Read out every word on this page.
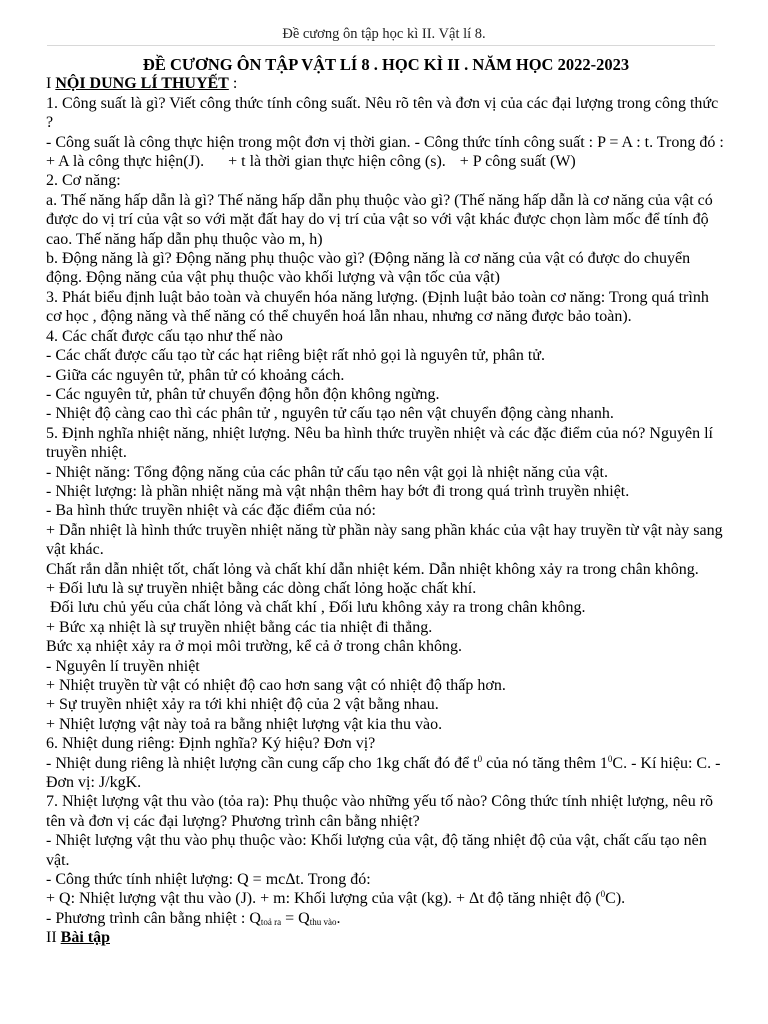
Đề cương ôn tập học kì II. Vật lí 8.

ĐỀ CƯƠNG ÔN TẬP VẬT LÍ 8 . HỌC KÌ II . NĂM HỌC 2022-2023

I NỘI DUNG LÍ THUYẾT :

1. Công suất là gì? Viết công thức tính công suất. Nêu rõ tên và đơn vị của các đại lượng trong công thức ?

- Công suất là công thực hiện trong một đơn vị thời gian. - Công thức tính công suất : P = A : t. Trong đó :

+ A là công thực hiện(J). + t là thời gian thực hiện công (s). + P công suất (W)

2. Cơ năng:

a. Thế năng hấp dẫn là gì? Thế năng hấp dẫn phụ thuộc vào gì? (Thế năng hấp dẫn là cơ năng của vật có được do vị trí của vật so với mặt đất hay do vị trí của vật so với vật khác được chọn làm mốc để tính độ cao. Thế năng hấp dẫn phụ thuộc vào m, h)

b. Động năng là gì? Động năng phụ thuộc vào gì? (Động năng là cơ năng của vật có được do chuyển động. Động năng của vật phụ thuộc vào khối lượng và vận tốc của vật)

3. Phát biểu định luật bảo toàn và chuyển hóa năng lượng. (Định luật bảo toàn cơ năng: Trong quá trình cơ học , động năng và thế năng có thể chuyển hoá lẫn nhau, nhưng cơ năng được bảo toàn).

4. Các chất được cấu tạo như thế nào

- Các chất được cấu tạo từ các hạt riêng biệt rất nhỏ gọi là nguyên tử, phân tử.

- Giữa các nguyên tử, phân tử có khoảng cách.

- Các nguyên tử, phân tử chuyển động hỗn độn không ngừng.

- Nhiệt độ càng cao thì các phân tử , nguyên tử cấu tạo nên vật chuyển động càng nhanh.

5. Định nghĩa nhiệt năng, nhiệt lượng. Nêu ba hình thức truyền nhiệt và các đặc điểm của nó? Nguyên lí truyền nhiệt.

- Nhiệt năng: Tổng động năng của các phân tử cấu tạo nên vật gọi là nhiệt năng của vật.

- Nhiệt lượng: là phần nhiệt năng mà vật nhận thêm hay bớt đi trong quá trình truyền nhiệt.

- Ba hình thức truyền nhiệt và các đặc điểm của nó:

+ Dẫn nhiệt là hình thức truyền nhiệt năng từ phần này sang phần khác của vật hay truyền từ vật này sang vật khác.

Chất rắn dẫn nhiệt tốt, chất lỏng và chất khí dẫn nhiệt kém. Dẫn nhiệt không xảy ra trong chân không.

+ Đối lưu là sự truyền nhiệt bằng các dòng chất lỏng hoặc chất khí.

Đối lưu chủ yếu của chất lỏng và chất khí , Đối lưu không xảy ra trong chân không.

+ Bức xạ nhiệt là sự truyền nhiệt bằng các tia nhiệt đi thẳng.

Bức xạ nhiệt xảy ra ở mọi môi trường, kể cả ở trong chân không.

- Nguyên lí truyền nhiệt

+ Nhiệt truyền từ vật có nhiệt độ cao hơn sang vật có nhiệt độ thấp hơn.

+ Sự truyền nhiệt xảy ra tới khi nhiệt độ của 2 vật bằng nhau.

+ Nhiệt lượng vật này toả ra bằng nhiệt lượng vật kia thu vào.

6. Nhiệt dung riêng: Định nghĩa? Ký hiệu? Đơn vị?

- Nhiệt dung riêng là nhiệt lượng cần cung cấp cho 1kg chất đó để $t^0$ của nó tăng thêm $1^0C$. - Kí hiệu: C. - Đơn vị: J/kgK.

7. Nhiệt lượng vật thu vào (tỏa ra): Phụ thuộc vào những yếu tố nào? Công thức tính nhiệt lượng, nêu rõ tên và đơn vị các đại lượng? Phương trình cân bằng nhiệt?

- Nhiệt lượng vật thu vào phụ thuộc vào: Khối lượng của vật, độ tăng nhiệt độ của vật, chất cấu tạo nên vật.

- Công thức tính nhiệt lượng: Q = mcΔt. Trong đó:

+ Q: Nhiệt lượng vật thu vào (J). + m: Khối lượng của vật (kg). + Δt độ tăng nhiệt độ ($^0$C).

- Phương trình cân bằng nhiệt : $Q_{toả ra} = Q_{thu vào}$.

II Bài tập
